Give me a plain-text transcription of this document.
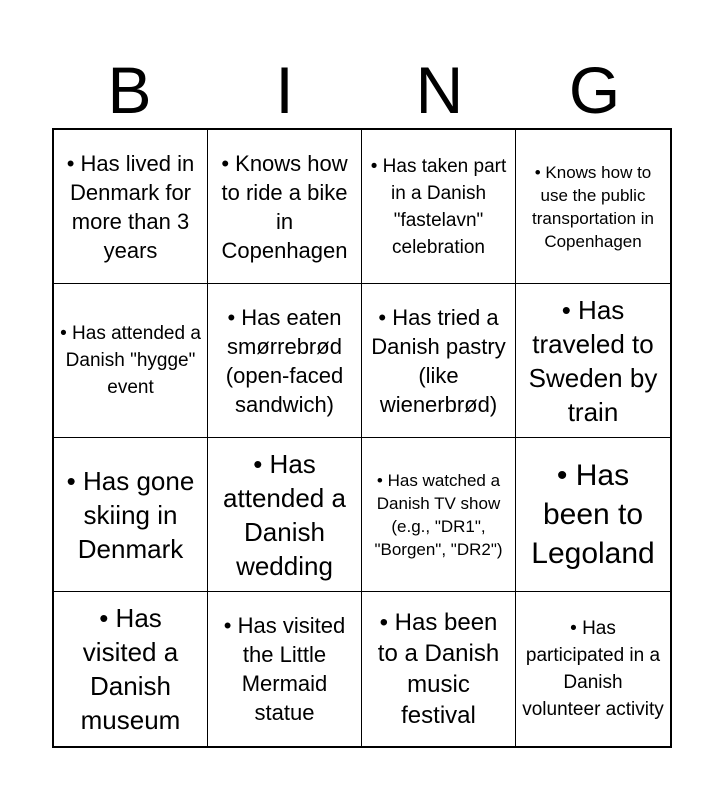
B	I	N	G
• Has lived in Denmark for more than 3 years
• Knows how to ride a bike in Copenhagen
• Has taken part in a Danish "fastelavn" celebration
• Knows how to use the public transportation in Copenhagen
• Has attended a Danish "hygge" event
• Has eaten smørrebrød (open-faced sandwich)
• Has tried a Danish pastry (like wienerbrød)
• Has traveled to Sweden by train
• Has gone skiing in Denmark
• Has attended a Danish wedding
• Has watched a Danish TV show (e.g., "DR1", "Borgen", "DR2")
• Has been to Legoland
• Has visited a Danish museum
• Has visited the Little Mermaid statue
• Has been to a Danish music festival
• Has participated in a Danish volunteer activity
